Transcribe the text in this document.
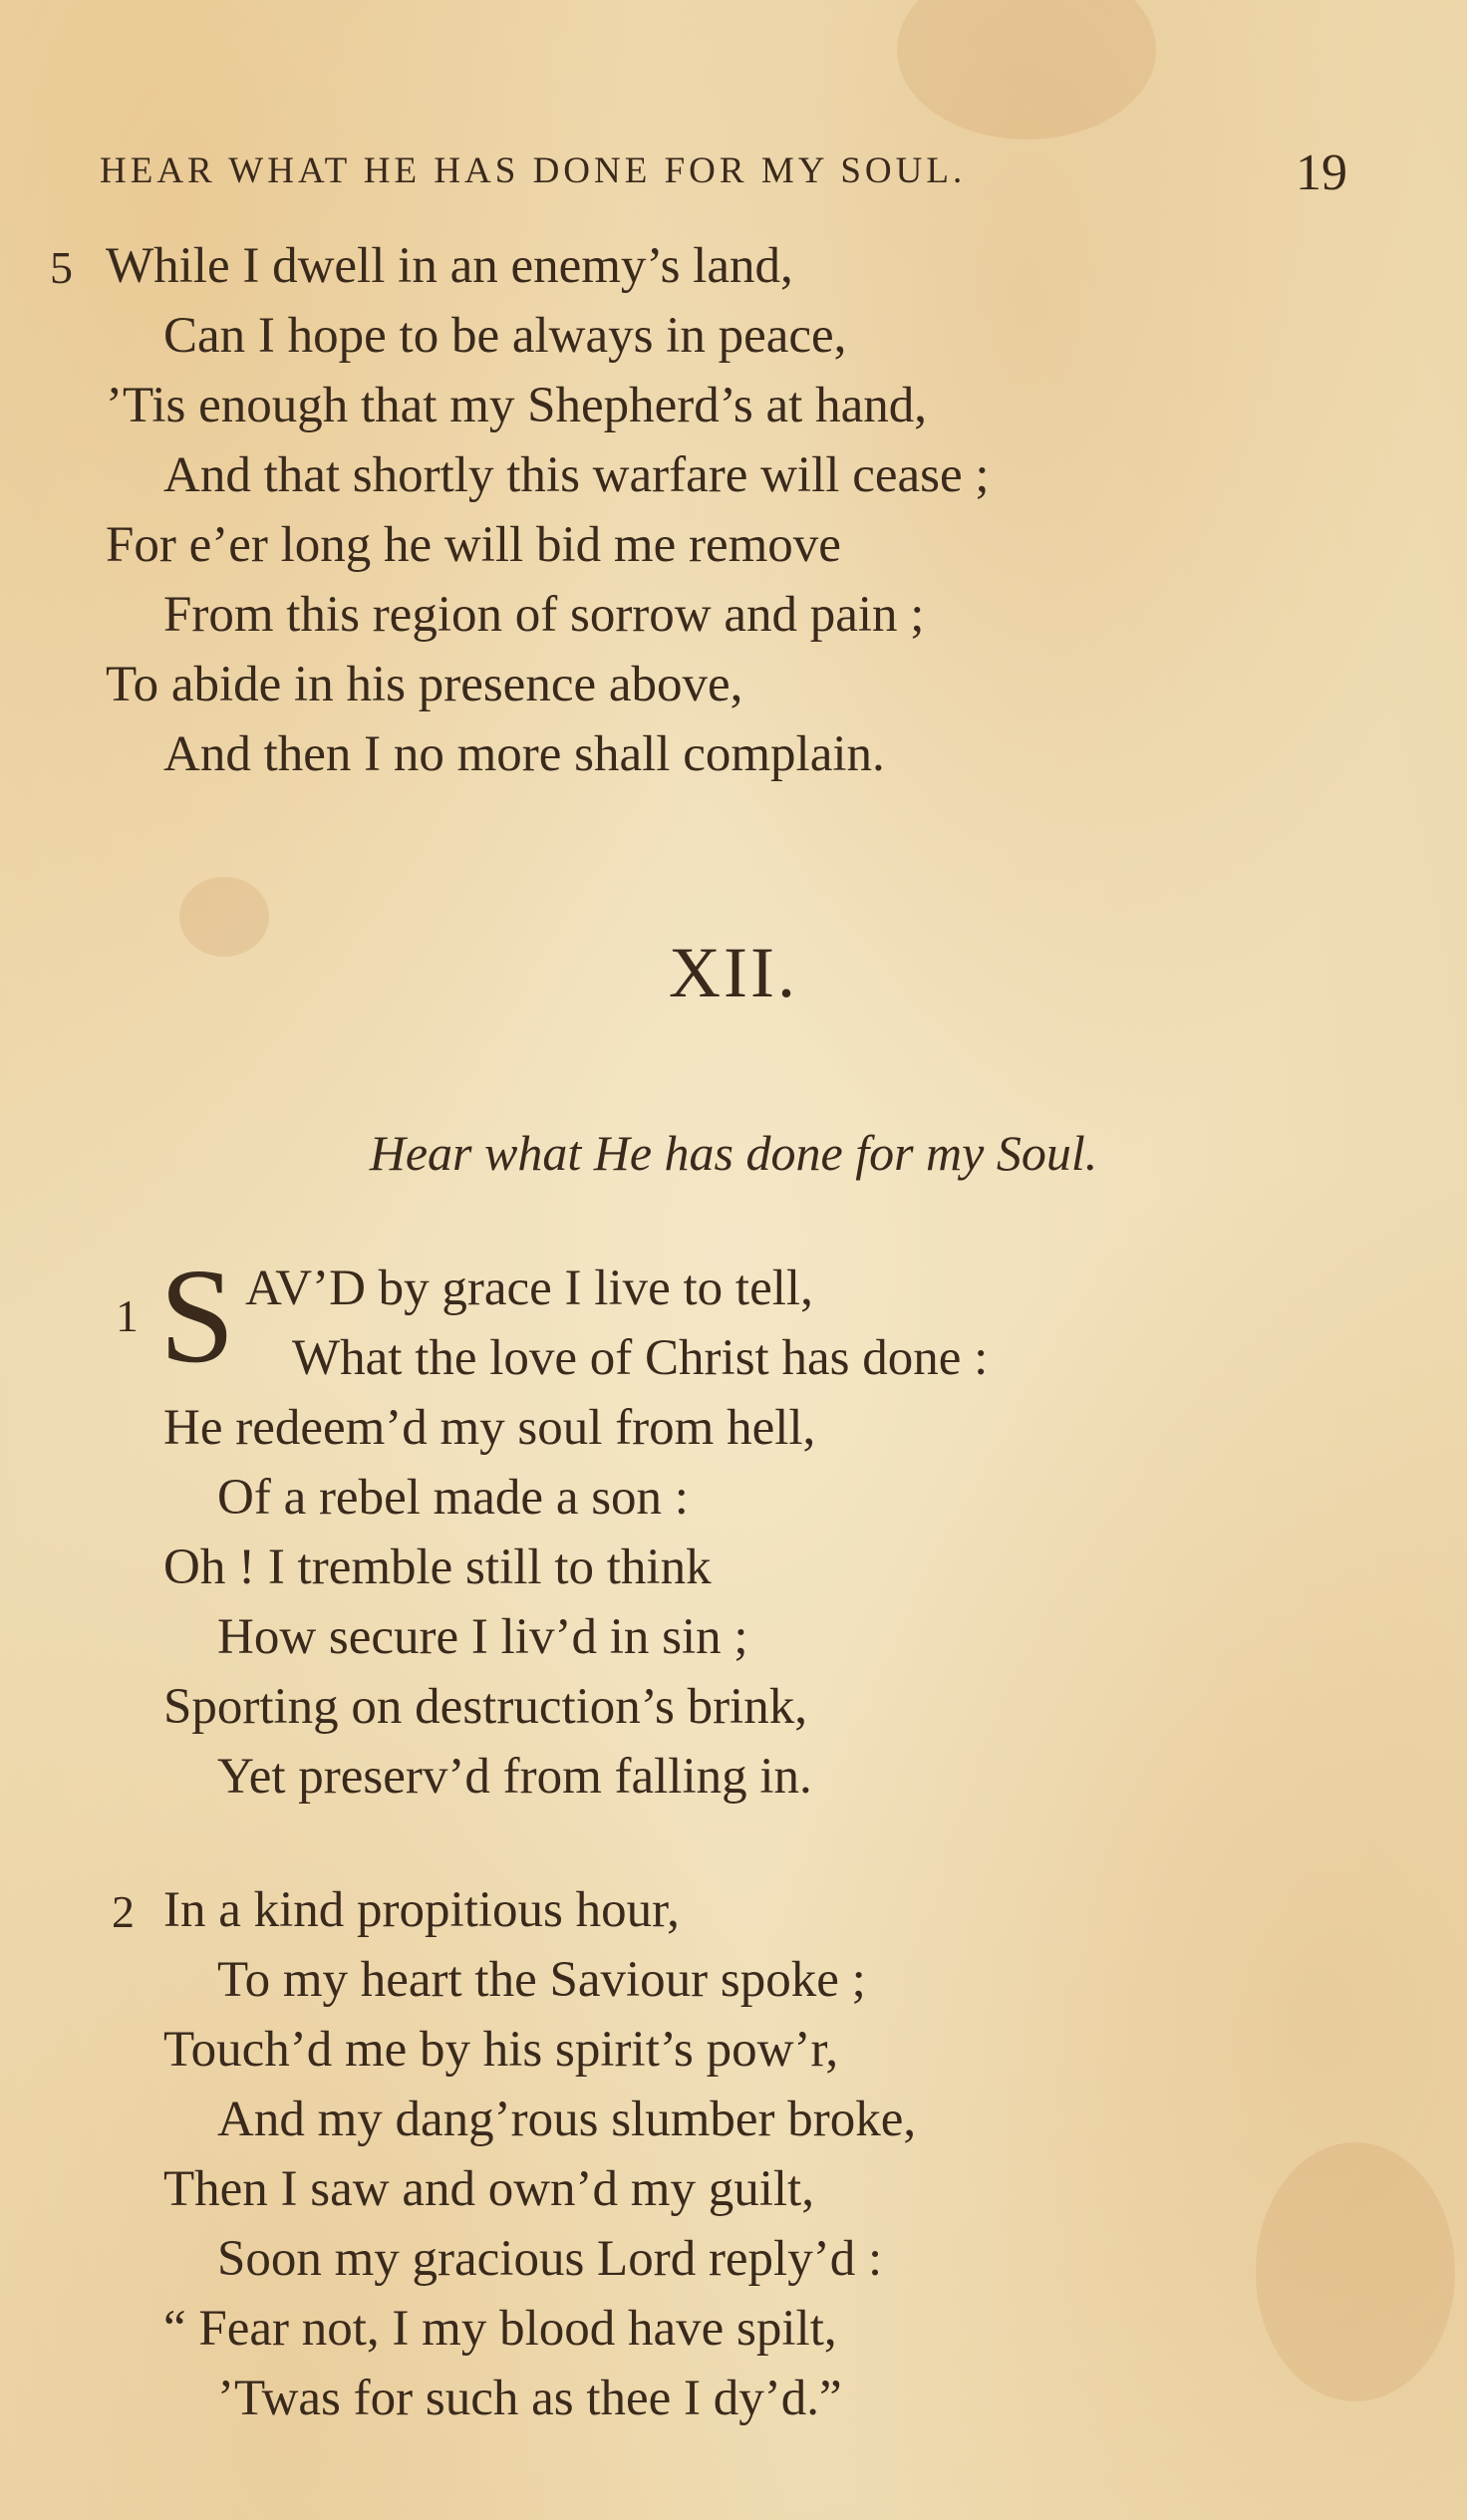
HEAR WHAT HE HAS DONE FOR MY SOUL.	19
5 While I dwell in an enemy’s land,
Can I hope to be always in peace,
’Tis enough that my Shepherd’s at hand,
And that shortly this warfare will cease ;
For e’er long he will bid me remove
From this region of sorrow and pain ;
To abide in his presence above,
And then I no more shall complain.
XII.
Hear what He has done for my Soul.
1 S AV’D by grace I live to tell,
What the love of Christ has done :
He redeem’d my soul from hell,
Of a rebel made a son :
Oh ! I tremble still to think
How secure I liv’d in sin ;
Sporting on destruction’s brink,
Yet preserv’d from falling in.
2 In a kind propitious hour,
To my heart the Saviour spoke ;
Touch’d me by his spirit’s pow’r,
And my dang’rous slumber broke,
Then I saw and own’d my guilt,
Soon my gracious Lord reply’d :
“ Fear not, I my blood have spilt,
’Twas for such as thee I dy’d.”
